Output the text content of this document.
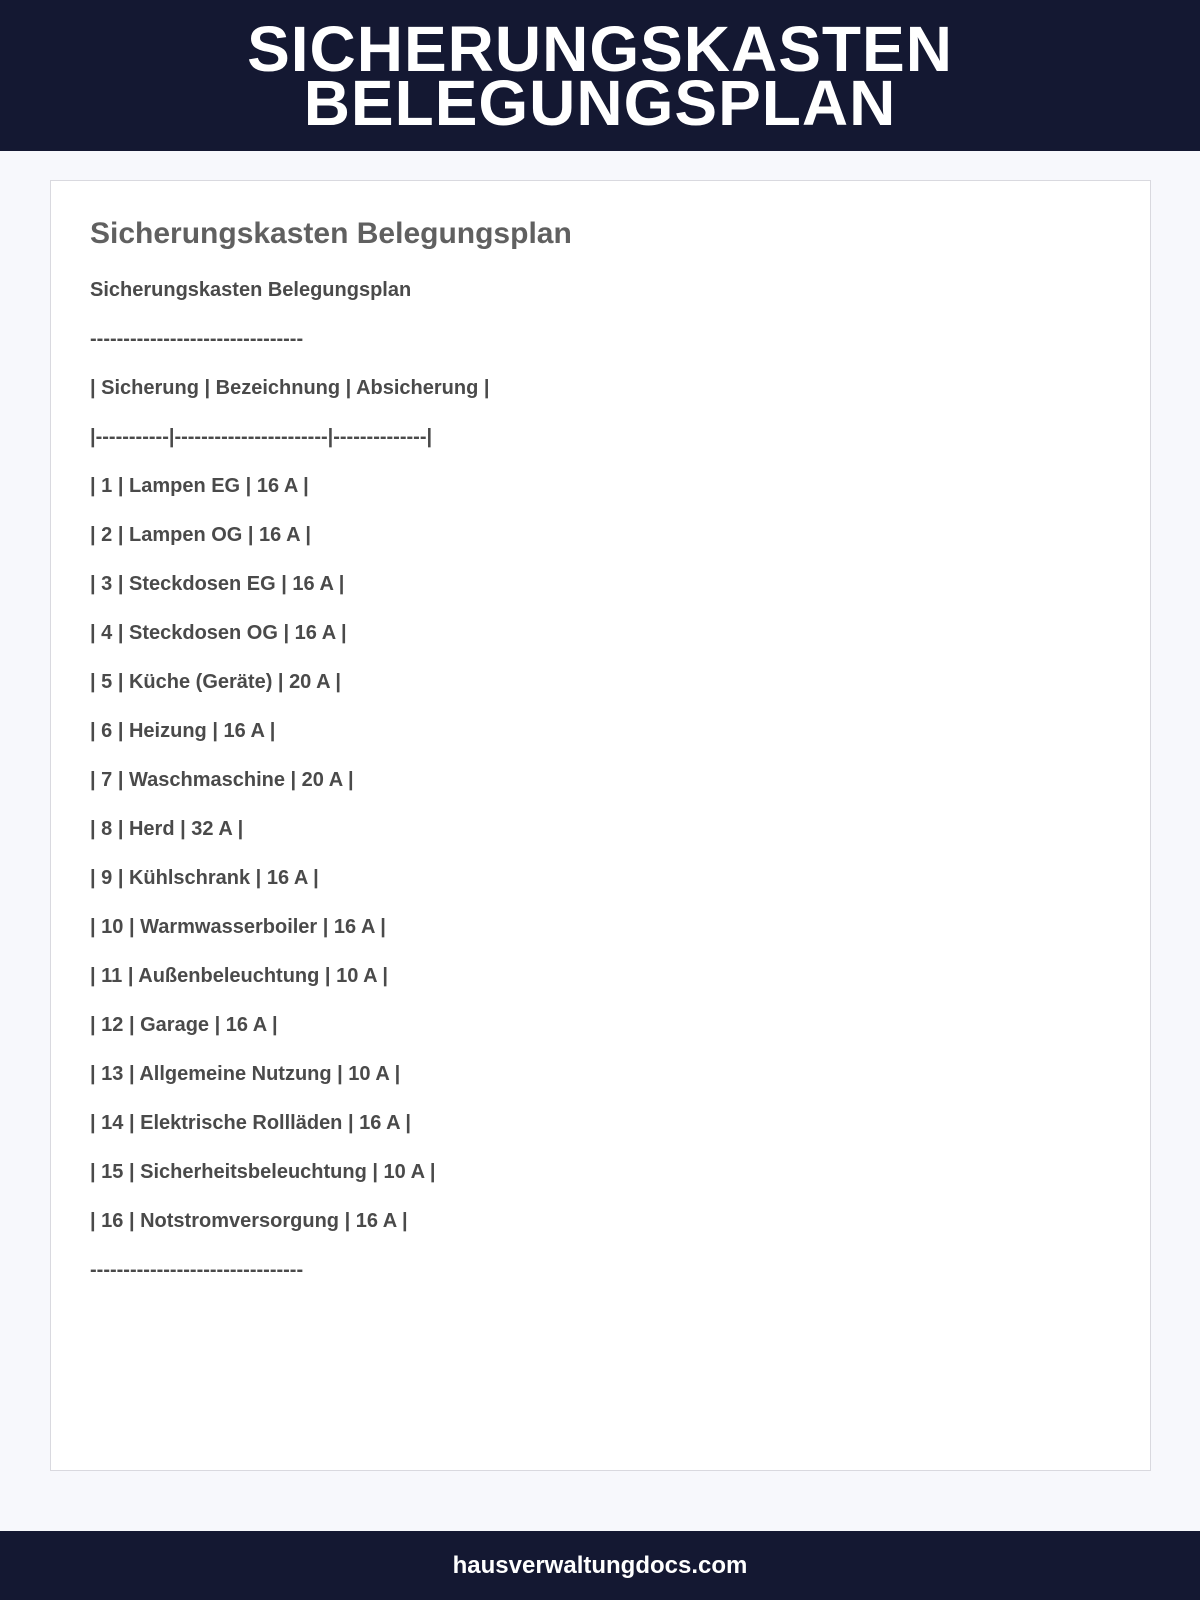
SICHERUNGSKASTEN
BELEGUNGSPLAN
Sicherungskasten Belegungsplan
Sicherungskasten Belegungsplan
--------------------------------
| Sicherung | Bezeichnung | Absicherung |
|-----------|-----------------------|--------------|
| 1 | Lampen EG | 16 A |
| 2 | Lampen OG | 16 A |
| 3 | Steckdosen EG | 16 A |
| 4 | Steckdosen OG | 16 A |
| 5 | Küche (Geräte) | 20 A |
| 6 | Heizung | 16 A |
| 7 | Waschmaschine | 20 A |
| 8 | Herd | 32 A |
| 9 | Kühlschrank | 16 A |
| 10 | Warmwasserboiler | 16 A |
| 11 | Außenbeleuchtung | 10 A |
| 12 | Garage | 16 A |
| 13 | Allgemeine Nutzung | 10 A |
| 14 | Elektrische Rollläden | 16 A |
| 15 | Sicherheitsbeleuchtung | 10 A |
| 16 | Notstromversorgung | 16 A |
--------------------------------
hausverwaltungdocs.com
